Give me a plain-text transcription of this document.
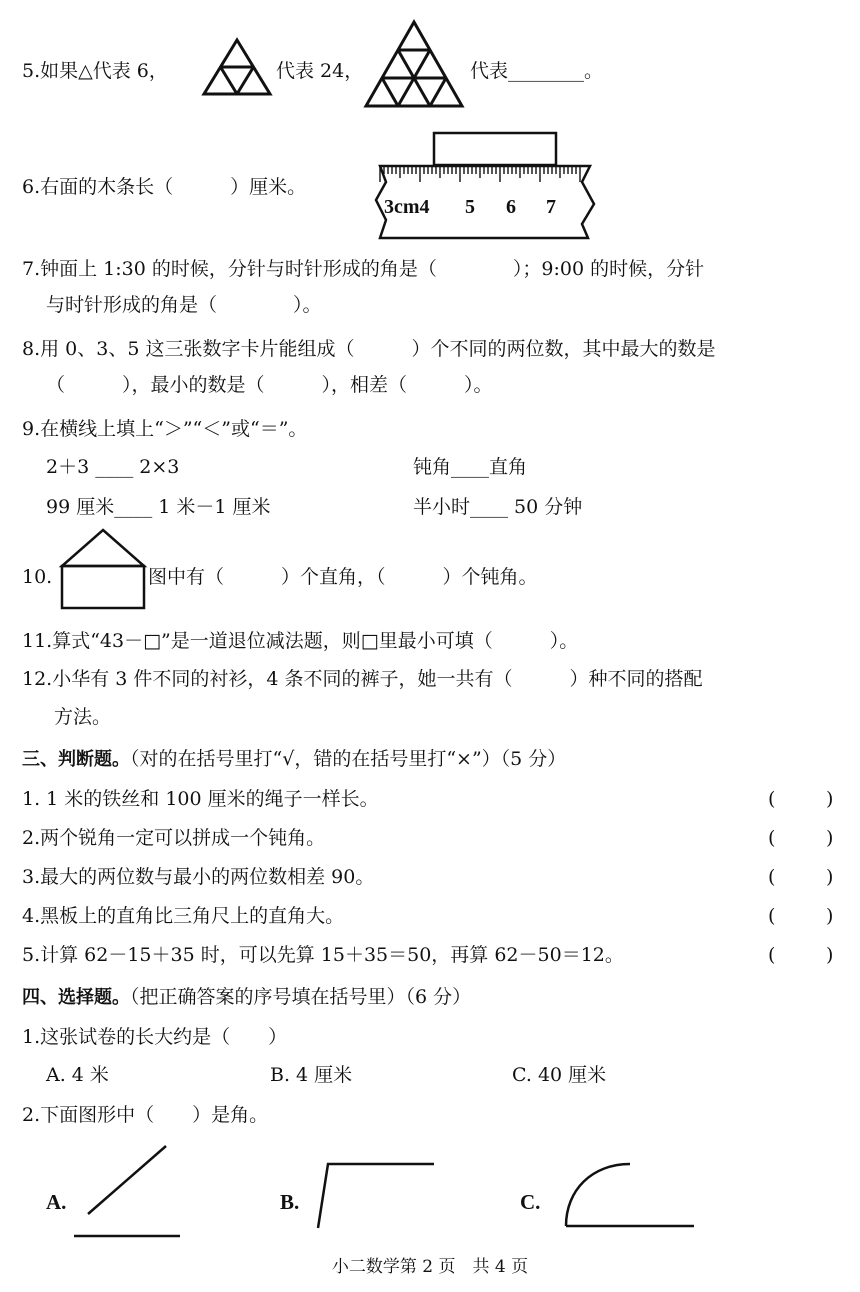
5.如果△代表 6，	代表 24，	代表________。
6.右面的木条长（　　　）厘米。
3cm4 5 6 7
7.钟面上 1:30 的时候，分针与时针形成的角是（　　　　）；9:00 的时候，分针
与时针形成的角是（　　　　）。
8.用 0、3、5 这三张数字卡片能组成（　　　）个不同的两位数，其中最大的数是
（　　　），最小的数是（　　　），相差（　　　）。
9.在横线上填上“＞”“＜”或“＝”。
2＋3 ____ 2×3	钝角____直角
99 厘米____ 1 米－1 厘米	半小时____ 50 分钟
10.	图中有（　　　）个直角，（　　　）个钝角。
11.算式“43－□”是一道退位减法题，则□里最小可填（　　　）。
12.小华有 3 件不同的衬衫，4 条不同的裤子，她一共有（　　　）种不同的搭配
方法。
三、判断题。（对的在括号里打“√，错的在括号里打“×”）（5 分）
1. 1 米的铁丝和 100 厘米的绳子一样长。	(	)
2.两个锐角一定可以拼成一个钝角。	(	)
3.最大的两位数与最小的两位数相差 90。	(	)
4.黑板上的直角比三角尺上的直角大。	(	)
5.计算 62－15＋35 时，可以先算 15＋35＝50，再算 62－50＝12。	(	)
四、选择题。（把正确答案的序号填在括号里）（6 分）
1.这张试卷的长大约是（　　）
A. 4 米	B. 4 厘米	C. 40 厘米
2.下面图形中（　　）是角。
A.	B.	C.
小二数学第 2 页　共 4 页
